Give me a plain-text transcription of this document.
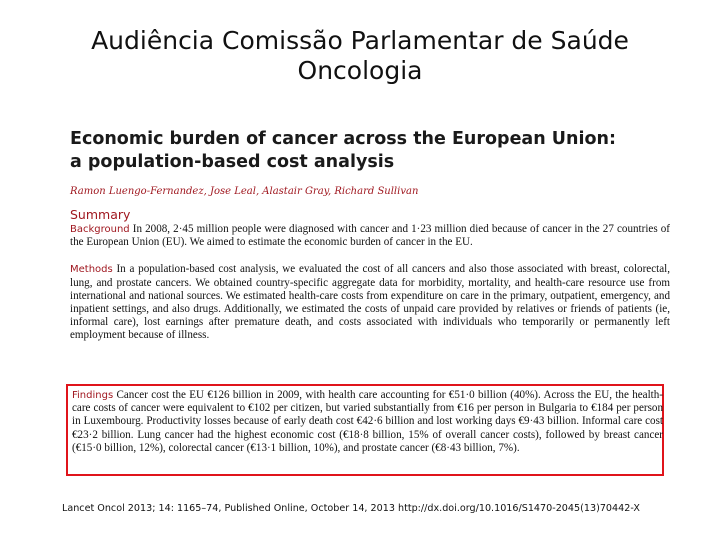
Audiência Comissão Parlamentar de Saúde
Oncologia
Economic burden of cancer across the European Union:
a population-based cost analysis
Ramon Luengo-Fernandez, Jose Leal, Alastair Gray, Richard Sullivan
Summary

Background In 2008, 2·45 million people were diagnosed with cancer and 1·23 million died because of cancer in the 27 countries of the European Union (EU). We aimed to estimate the economic burden of cancer in the EU.

Methods In a population-based cost analysis, we evaluated the cost of all cancers and also those associated with breast, colorectal, lung, and prostate cancers. We obtained country-specific aggregate data for morbidity, mortality, and health-care resource use from international and national sources. We estimated health-care costs from expenditure on care in the primary, outpatient, emergency, and inpatient settings, and also drugs. Additionally, we estimated the costs of unpaid care provided by relatives or friends of patients (ie, informal care), lost earnings after premature death, and costs associated with individuals who temporarily or permanently left employment because of illness.

Findings Cancer cost the EU €126 billion in 2009, with health care accounting for €51·0 billion (40%). Across the EU, the health-care costs of cancer were equivalent to €102 per citizen, but varied substantially from €16 per person in Bulgaria to €184 per person in Luxembourg. Productivity losses because of early death cost €42·6 billion and lost working days €9·43 billion. Informal care cost €23·2 billion. Lung cancer had the highest economic cost (€18·8 billion, 15% of overall cancer costs), followed by breast cancer (€15·0 billion, 12%), colorectal cancer (€13·1 billion, 10%), and prostate cancer (€8·43 billion, 7%).

Lancet Oncol 2013; 14: 1165–74, Published Online, October 14, 2013 http://dx.doi.org/10.1016/S1470-2045(13)70442-X
